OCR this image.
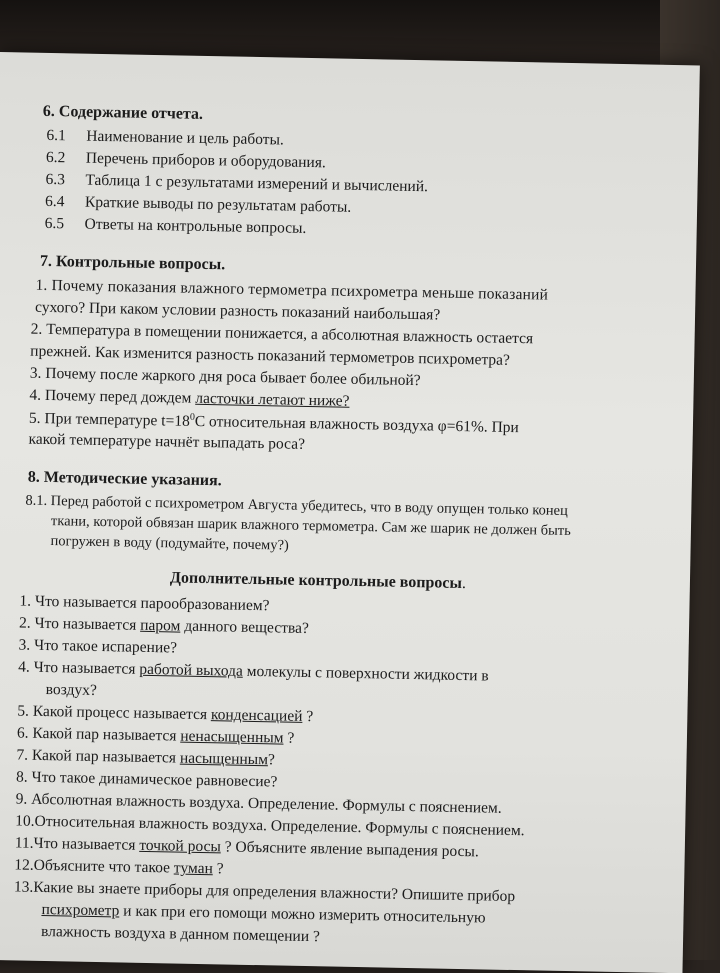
6. Содержание отчета.
6.1 Наименование и цель работы.
6.2 Перечень приборов и оборудования.
6.3 Таблица 1 с результатами измерений и вычислений.
6.4 Краткие выводы по результатам работы.
6.5 Ответы на контрольные вопросы.
7. Контрольные вопросы.
1. Почему показания влажного термометра психрометра меньше показаний
сухого? При каком условии разность показаний наибольшая?
2. Температура в помещении понижается, а абсолютная влажность остается
прежней. Как изменится разность показаний термометров психрометра?
3. Почему после жаркого дня роса бывает более обильной?
4. Почему перед дождем ласточки летают ниже?
5. При температуре $t=18^0С$ относительная влажность воздуха φ=61%. При
какой температуре начнёт выпадать роса?
8. Методические указания.
8.1. Перед работой с психрометром Августа убедитесь, что в воду опущен только конец
ткани, которой обвязан шарик влажного термометра. Сам же шарик не должен быть
погружен в воду (подумайте, почему?)
Дополнительные контрольные вопросы.
1. Что называется парообразованием?
2. Что называется паром данного вещества?
3. Что такое испарение?
4. Что называется работой выхода молекулы с поверхности жидкости в
воздух?
5. Какой процесс называется конденсацией ?
6. Какой пар называется ненасыщенным ?
7. Какой пар называется насыщенным?
8. Что такое динамическое равновесие?
9. Абсолютная влажность воздуха. Определение. Формулы с пояснением.
10.Относительная влажность воздуха. Определение. Формулы с пояснением.
11.Что называется точкой росы ? Объясните явление выпадения росы.
12.Объясните что такое туман ?
13.Какие вы знаете приборы для определения влажности? Опишите прибор
психрометр и как при его помощи можно измерить относительную
влажность воздуха в данном помещении ?
